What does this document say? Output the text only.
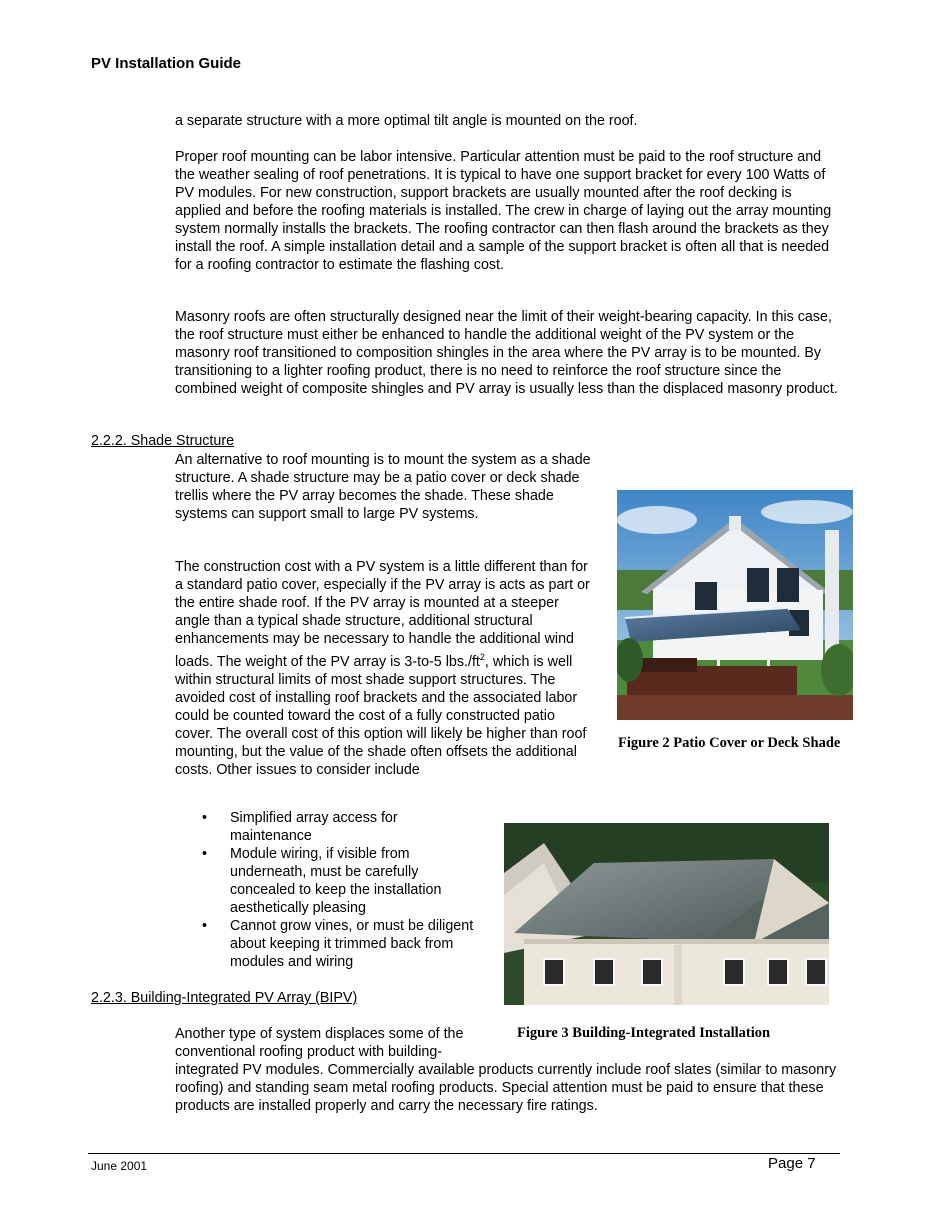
PV Installation Guide

a separate structure with a more optimal tilt angle is mounted on the roof.

Proper roof mounting can be labor intensive. Particular attention must be paid to the roof structure and the weather sealing of roof penetrations. It is typical to have one support bracket for every 100 Watts of PV modules. For new construction, support brackets are usually mounted after the roof decking is applied and before the roofing materials is installed. The crew in charge of laying out the array mounting system normally installs the brackets. The roofing contractor can then flash around the brackets as they install the roof. A simple installation detail and a sample of the support bracket is often all that is needed for a roofing contractor to estimate the flashing cost.

Masonry roofs are often structurally designed near the limit of their weight-bearing capacity. In this case, the roof structure must either be enhanced to handle the additional weight of the PV system or the masonry roof transitioned to composition shingles in the area where the PV array is to be mounted. By transitioning to a lighter roofing product, there is no need to reinforce the roof structure since the combined weight of composite shingles and PV array is usually less than the displaced masonry product.

2.2.2. Shade Structure

An alternative to roof mounting is to mount the system as a shade structure. A shade structure may be a patio cover or deck shade trellis where the PV array becomes the shade. These shade systems can support small to large PV systems.

The construction cost with a PV system is a little different than for a standard patio cover, especially if the PV array is acts as part or the entire shade roof. If the PV array is mounted at a steeper angle than a typical shade structure, additional structural enhancements may be necessary to handle the additional wind loads. The weight of the PV array is 3-to-5 $lbs./ft^2$, which is well within structural limits of most shade support structures. The avoided cost of installing roof brackets and the associated labor could be counted toward the cost of a fully constructed patio cover. The overall cost of this option will likely be higher than roof mounting, but the value of the shade often offsets the additional costs. Other issues to consider include

• Simplified array access for maintenance
• Module wiring, if visible from underneath, must be carefully concealed to keep the installation aesthetically pleasing
• Cannot grow vines, or must be diligent about keeping it trimmed back from modules and wiring
Figure 2 Patio Cover or Deck Shade
Figure 3 Building-Integrated Installation
2.2.3. Building-Integrated PV Array (BIPV)

Another type of system displaces some of the conventional roofing product with building-

integrated PV modules. Commercially available products currently include roof slates (similar to masonry roofing) and standing seam metal roofing products. Special attention must be paid to ensure that these products are installed properly and carry the necessary fire ratings.

June 2001	Page 7
